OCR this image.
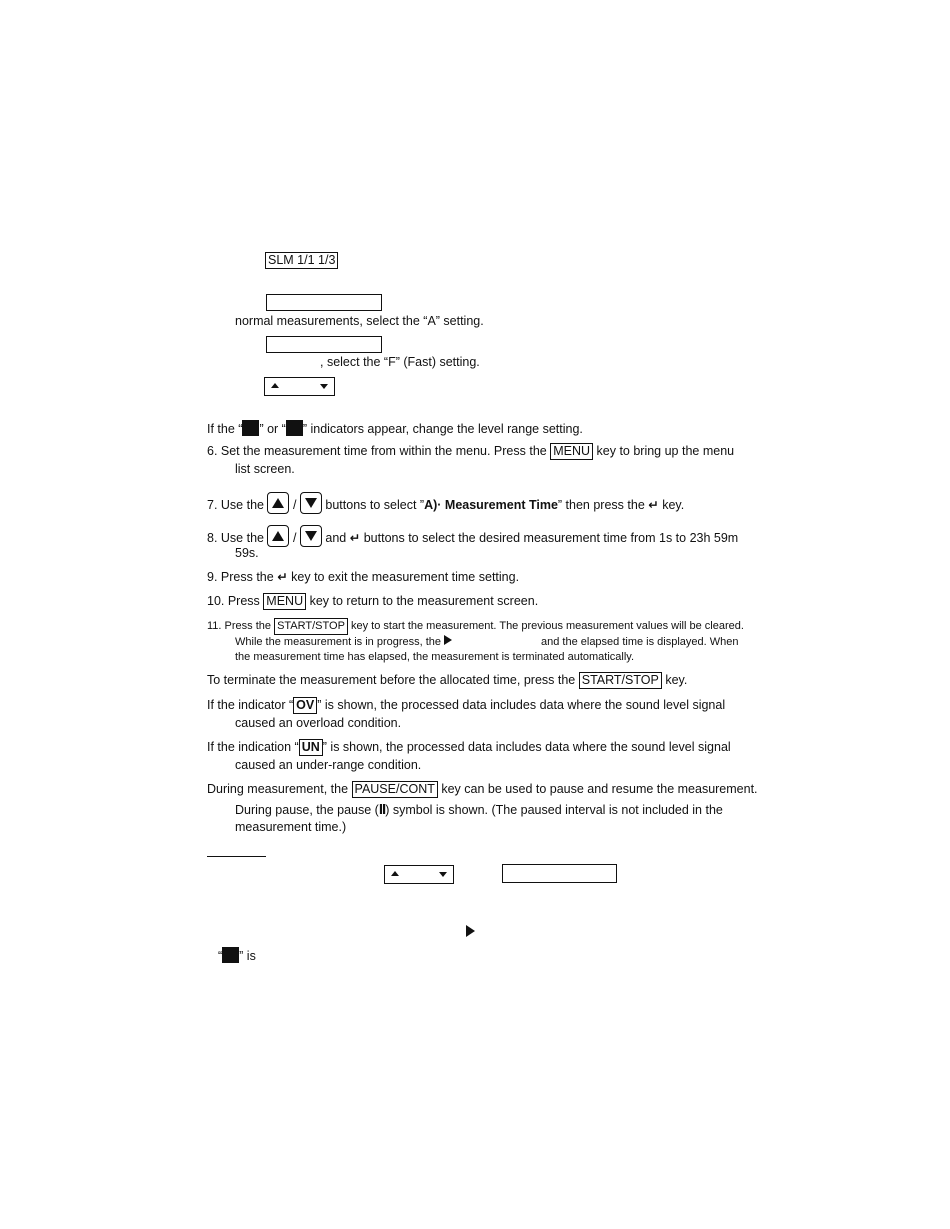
SLM 1/1 1/3
normal measurements, select the “A” setting.
, select the “F” (Fast) setting.
If the “ ” or “ ” indicators appear, change the level range setting.
6. Set the measurement time from within the menu. Press the MENU key to bring up the menu
list screen.
7. Use the / buttons to select ”A)· Measurement Time” then press the ↵ key.
8. Use the / and ↵ buttons to select the desired measurement time from 1s to 23h 59m
59s.
9. Press the ↵ key to exit the measurement time setting.
10. Press MENU key to return to the measurement screen.
11. Press the START/STOP key to start the measurement. The previous measurement values will be cleared.
While the measurement is in progress, the	and the elapsed time is displayed. When
the measurement time has elapsed, the measurement is terminated automatically.
To terminate the measurement before the allocated time, press the START/STOP key.
If the indicator “ OV ” is shown, the processed data includes data where the sound level signal
caused an overload condition.
If the indication “ UN ” is shown, the processed data includes data where the sound level signal
caused an under-range condition.
During measurement, the PAUSE/CONT key can be used to pause and resume the measurement.
During pause, the pause (II) symbol is shown. (The paused interval is not included in the
measurement time.)
“ ” is
